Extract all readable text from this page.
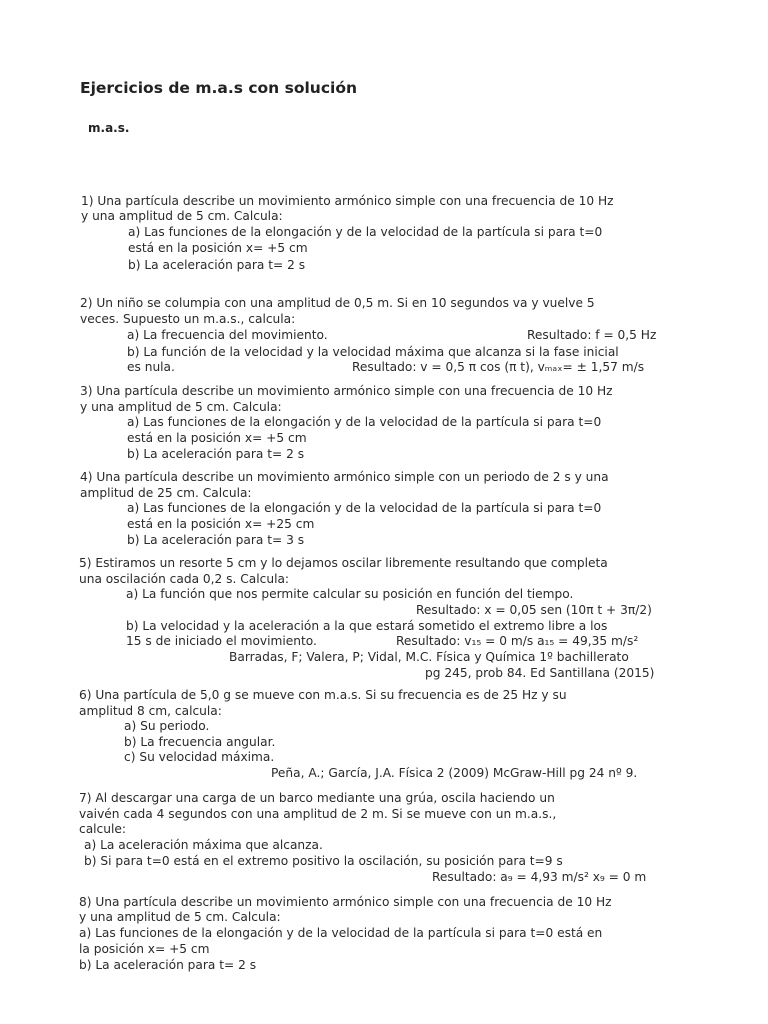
Ejercicios de m.a.s con solución
m.a.s.
1) Una partícula describe un movimiento armónico simple con una frecuencia de 10 Hz
y una amplitud de 5 cm. Calcula:
a) Las funciones de la elongación y de la velocidad de la partícula si para t=0
está en la posición x= +5 cm
b) La aceleración para t= 2 s
2) Un niño se columpia con una amplitud de 0,5 m. Si en 10 segundos va y vuelve 5
veces. Supuesto un m.a.s., calcula:
a) La frecuencia del movimiento.	Resultado: f = 0,5 Hz
b) La función de la velocidad y la velocidad máxima que alcanza si la fase inicial
es nula.	Resultado: v = 0,5 π cos (π t), vₘₐₓ= ± 1,57 m/s
3) Una partícula describe un movimiento armónico simple con una frecuencia de 10 Hz
y una amplitud de 5 cm. Calcula:
a) Las funciones de la elongación y de la velocidad de la partícula si para t=0
está en la posición x= +5 cm
b) La aceleración para t= 2 s
4) Una partícula describe un movimiento armónico simple con un periodo de 2 s y una
amplitud de 25 cm. Calcula:
a) Las funciones de la elongación y de la velocidad de la partícula si para t=0
está en la posición x= +25 cm
b) La aceleración para t= 3 s
5) Estiramos un resorte 5 cm y lo dejamos oscilar libremente resultando que completa
una oscilación cada 0,2 s. Calcula:
a) La función que nos permite calcular su posición en función del tiempo.
Resultado: x = 0,05 sen (10π t + 3π/2)
b) La velocidad y la aceleración a la que estará sometido el extremo libre a los
15 s de iniciado el movimiento.	Resultado: v₁₅ = 0 m/s a₁₅ = 49,35 m/s²
Barradas, F; Valera, P; Vidal, M.C. Física y Química 1º bachillerato
pg 245, prob 84. Ed Santillana (2015)
6) Una partícula de 5,0 g se mueve con m.a.s. Si su frecuencia es de 25 Hz y su
amplitud 8 cm, calcula:
a) Su periodo.
b) La frecuencia angular.
c) Su velocidad máxima.
Peña, A.; García, J.A. Física 2 (2009) McGraw-Hill pg 24 nº 9.
7) Al descargar una carga de un barco mediante una grúa, oscila haciendo un
vaivén cada 4 segundos con una amplitud de 2 m. Si se mueve con un m.a.s.,
calcule:
a) La aceleración máxima que alcanza.
b) Si para t=0 está en el extremo positivo la oscilación, su posición para t=9 s
Resultado: a₉ = 4,93 m/s² x₉ = 0 m
8) Una partícula describe un movimiento armónico simple con una frecuencia de 10 Hz
y una amplitud de 5 cm. Calcula:
a) Las funciones de la elongación y de la velocidad de la partícula si para t=0 está en
la posición x= +5 cm
b) La aceleración para t= 2 s
